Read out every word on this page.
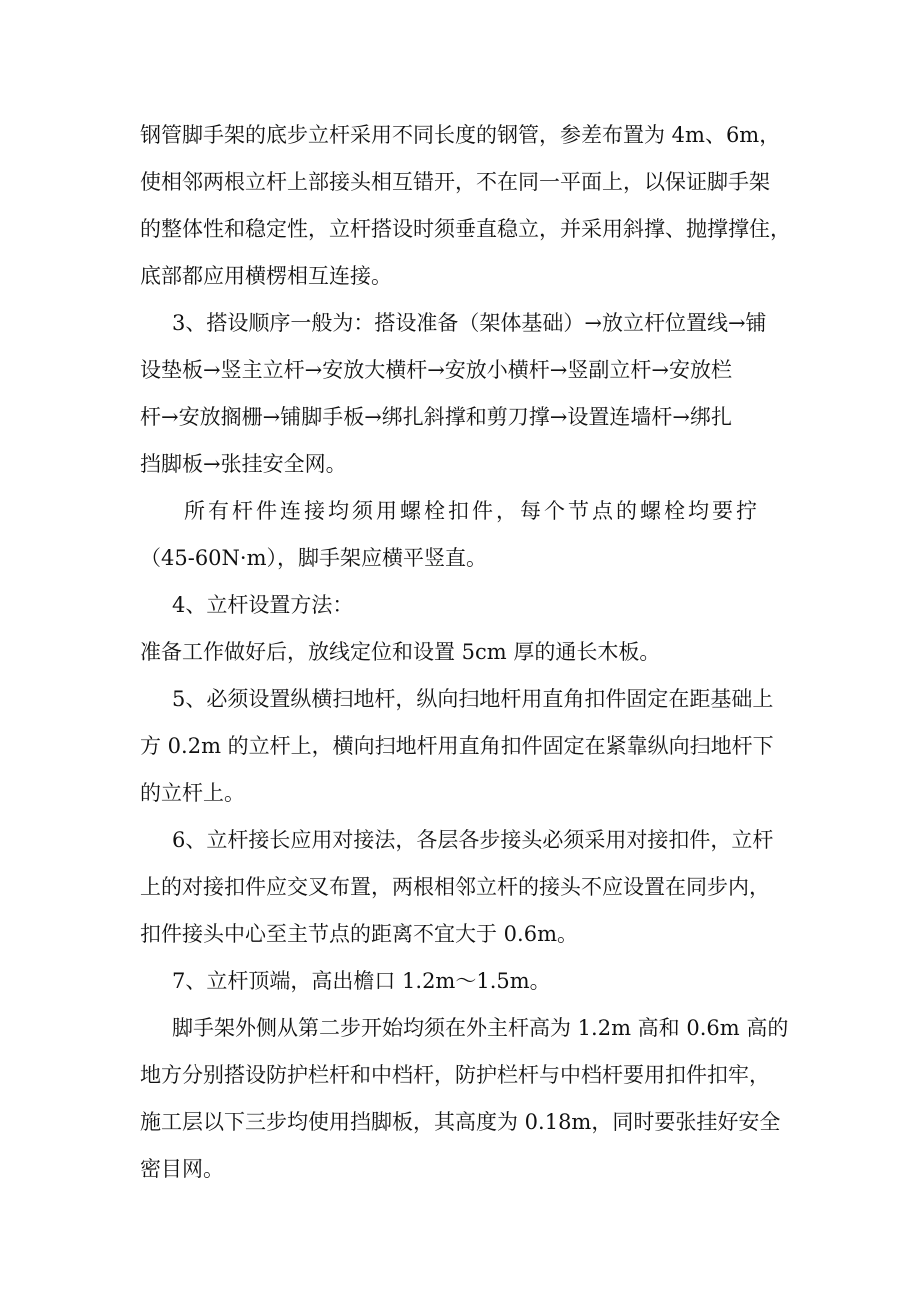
钢管脚手架的底步立杆采用不同长度的钢管，参差布置为 4m、6m，
使相邻两根立杆上部接头相互错开，不在同一平面上，以保证脚手架
的整体性和稳定性，立杆搭设时须垂直稳立，并采用斜撑、抛撑撑住，
底部都应用横楞相互连接。
3、搭设顺序一般为：搭设准备（架体基础）→放立杆位置线→铺
设垫板→竖主立杆→安放大横杆→安放小横杆→竖副立杆→安放栏
杆→安放搁栅→铺脚手板→绑扎斜撑和剪刀撑→设置连墙杆→绑扎
挡脚板→张挂安全网。
所有杆件连接均须用螺栓扣件，每个节点的螺栓均要拧
（45-60N·m），脚手架应横平竖直。
4、立杆设置方法：
准备工作做好后，放线定位和设置 5cm 厚的通长木板。
5、必须设置纵横扫地杆，纵向扫地杆用直角扣件固定在距基础上
方 0.2m 的立杆上，横向扫地杆用直角扣件固定在紧靠纵向扫地杆下
的立杆上。
6、立杆接长应用对接法，各层各步接头必须采用对接扣件，立杆
上的对接扣件应交叉布置，两根相邻立杆的接头不应设置在同步内，
扣件接头中心至主节点的距离不宜大于 0.6m。
7、立杆顶端，高出檐口 1.2m～1.5m。
脚手架外侧从第二步开始均须在外主杆高为 1.2m 高和 0.6m 高的
地方分别搭设防护栏杆和中档杆，防护栏杆与中档杆要用扣件扣牢，
施工层以下三步均使用挡脚板，其高度为 0.18m，同时要张挂好安全
密目网。
